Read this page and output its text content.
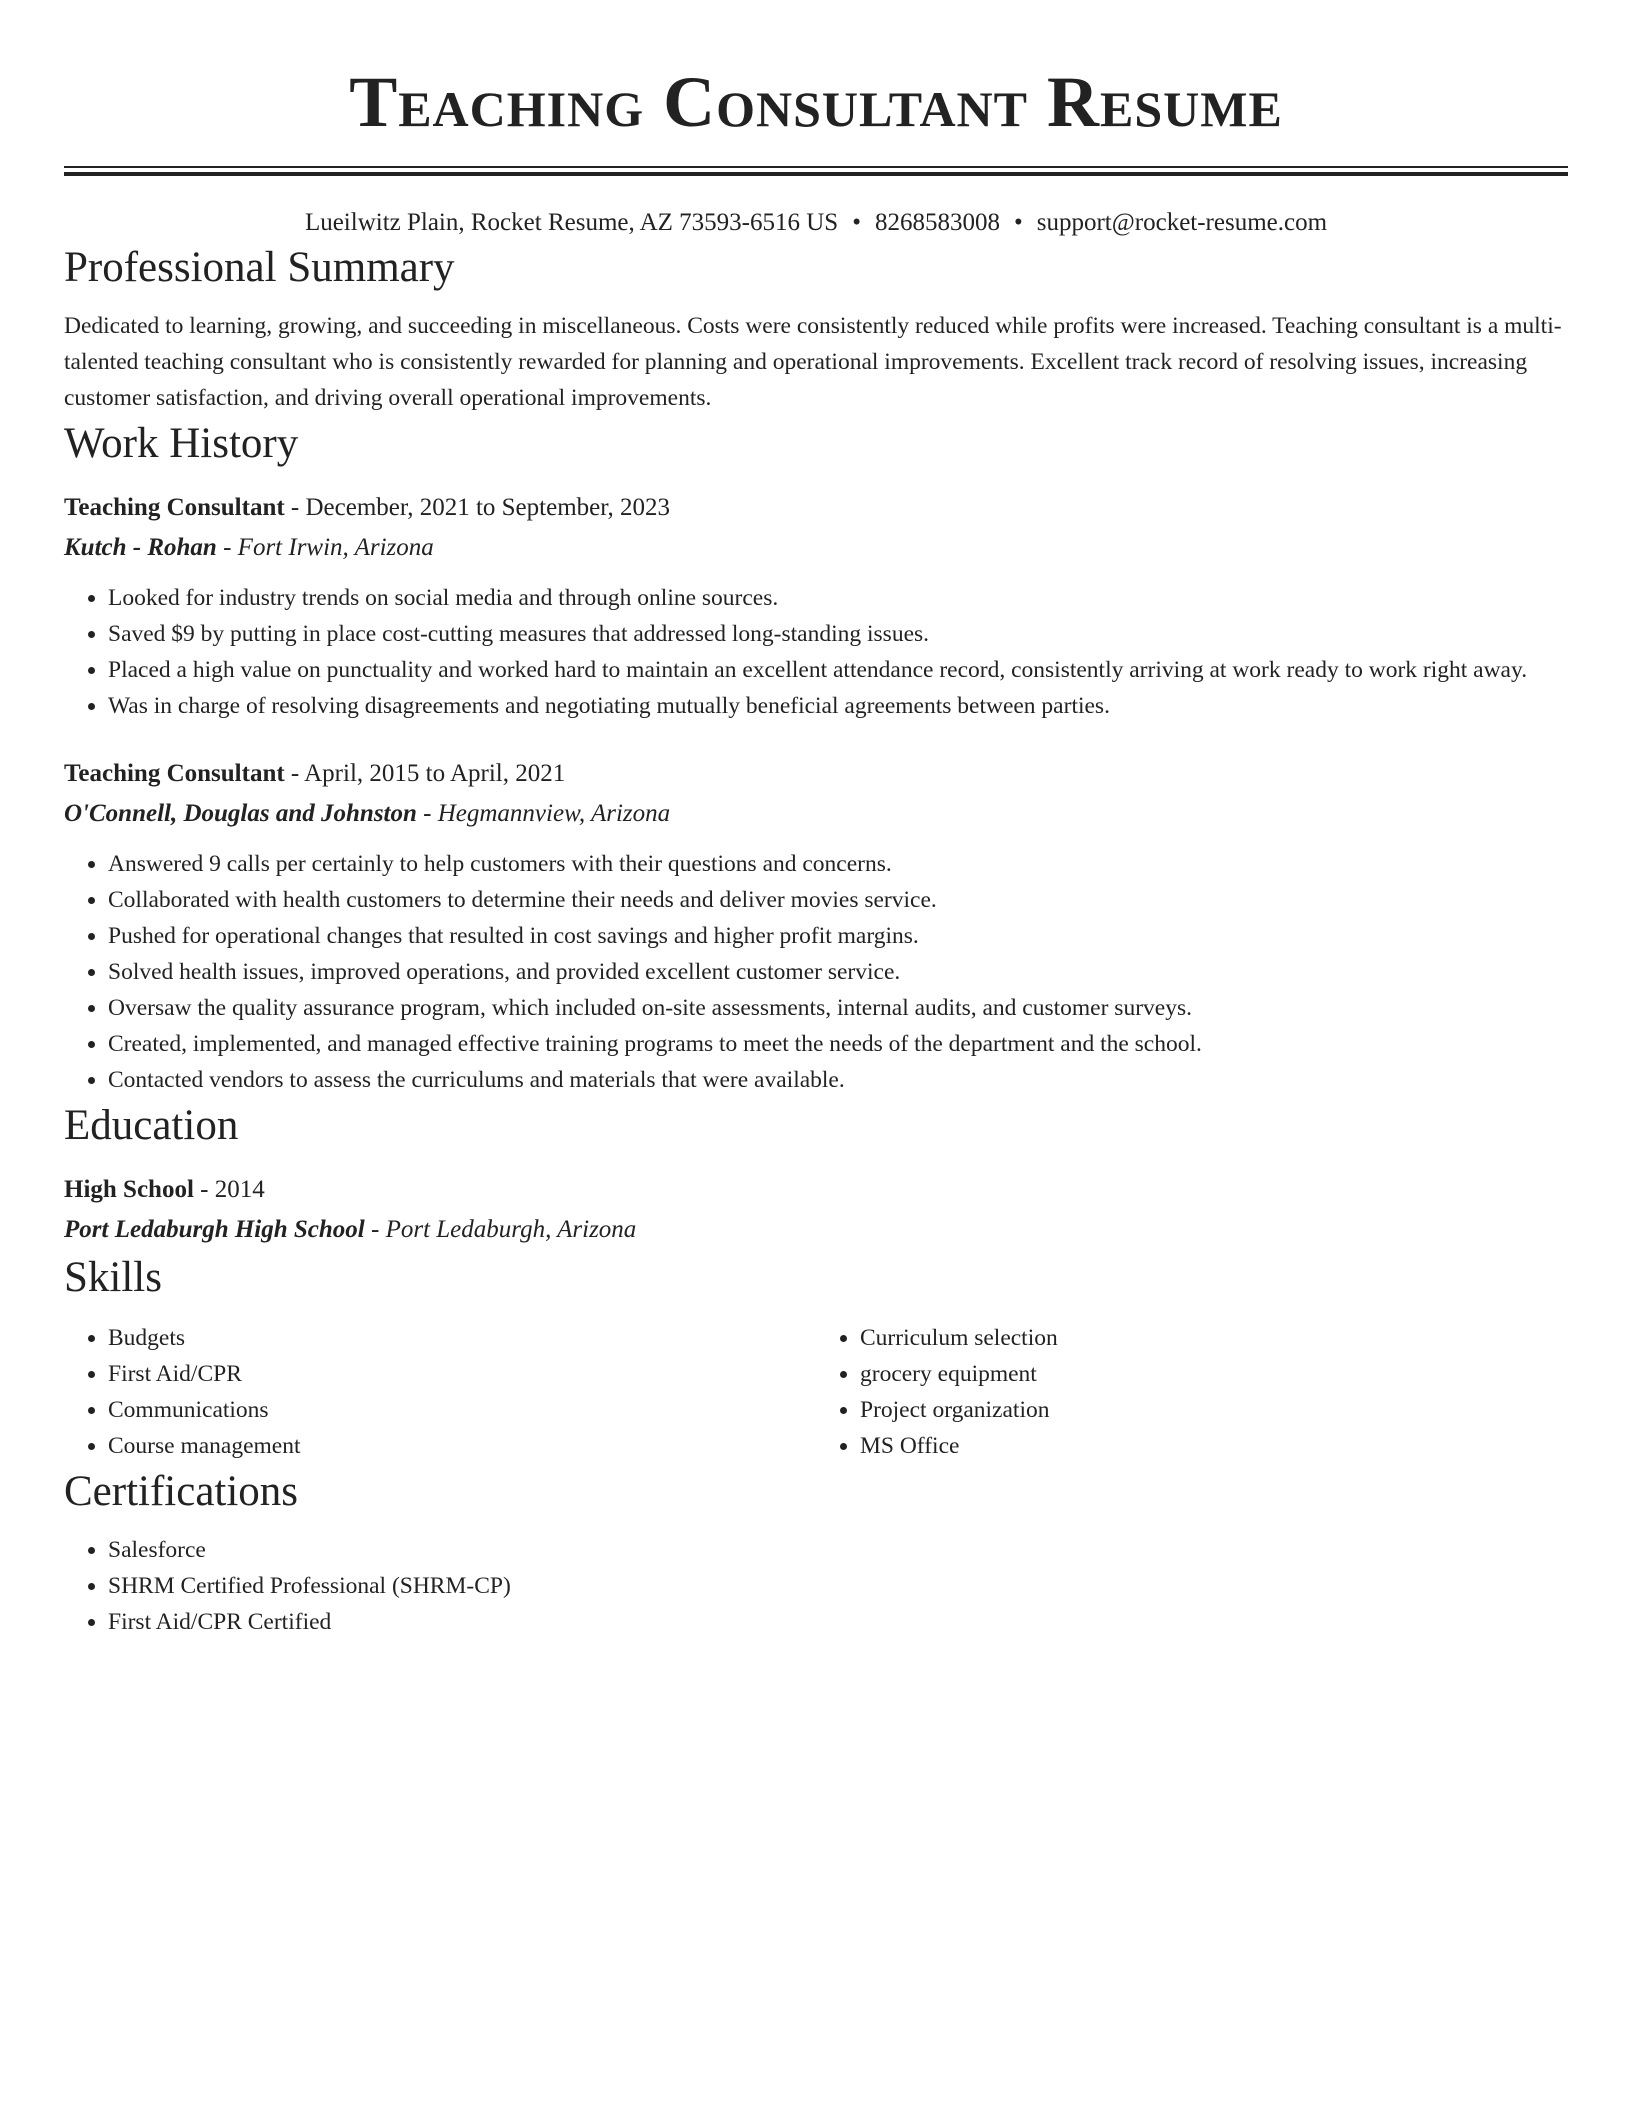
Teaching Consultant Resume
Lueilwitz Plain, Rocket Resume, AZ 73593-6516 US • 8268583008 • support@rocket-resume.com
Professional Summary

Dedicated to learning, growing, and succeeding in miscellaneous. Costs were consistently reduced while profits were increased. Teaching consultant is a multi-talented teaching consultant who is consistently rewarded for planning and operational improvements. Excellent track record of resolving issues, increasing customer satisfaction, and driving overall operational improvements.

Work History
Teaching Consultant - December, 2021 to September, 2023
Kutch - Rohan - Fort Irwin, Arizona
• Looked for industry trends on social media and through online sources.
• Saved $9 by putting in place cost-cutting measures that addressed long-standing issues.
• Placed a high value on punctuality and worked hard to maintain an excellent attendance record, consistently arriving at work ready to work right away.
• Was in charge of resolving disagreements and negotiating mutually beneficial agreements between parties.
Teaching Consultant - April, 2015 to April, 2021
O'Connell, Douglas and Johnston - Hegmannview, Arizona
• Answered 9 calls per certainly to help customers with their questions and concerns.
• Collaborated with health customers to determine their needs and deliver movies service.
• Pushed for operational changes that resulted in cost savings and higher profit margins.
• Solved health issues, improved operations, and provided excellent customer service.
• Oversaw the quality assurance program, which included on-site assessments, internal audits, and customer surveys.
• Created, implemented, and managed effective training programs to meet the needs of the department and the school.
• Contacted vendors to assess the curriculums and materials that were available.
Education
High School - 2014
Port Ledaburgh High School - Port Ledaburgh, Arizona
Skills
• Budgets
• First Aid/CPR
• Communications
• Course management
• Curriculum selection
• grocery equipment
• Project organization
• MS Office
Certifications
• Salesforce
• SHRM Certified Professional (SHRM-CP)
• First Aid/CPR Certified
